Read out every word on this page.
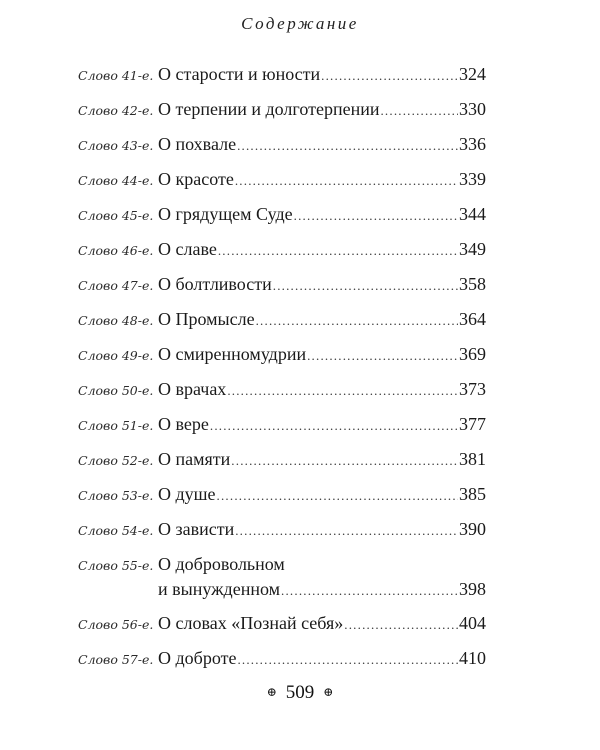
Содержание
Слово 41-е. О старости и юности .....	324
Слово 42-е. О терпении и долготерпении .....	330
Слово 43-е. О похвале .....	336
Слово 44-е. О красоте .....	339
Слово 45-е. О грядущем Суде .....	344
Слово 46-е. О славе .....	349
Слово 47-е. О болтливости .....	358
Слово 48-е. О Промысле .....	364
Слово 49-е. О смиренномудрии .....	369
Слово 50-е. О врачах .....	373
Слово 51-е. О вере .....	377
Слово 52-е. О памяти .....	381
Слово 53-е. О душе .....	385
Слово 54-е. О зависти .....	390
Слово 55-е. О добровольном
и вынужденном .....	398
Слово 56-е. О словах «Познай себя» .....	404
Слово 57-е. О доброте .....	410
⊕ 509 ⊕
